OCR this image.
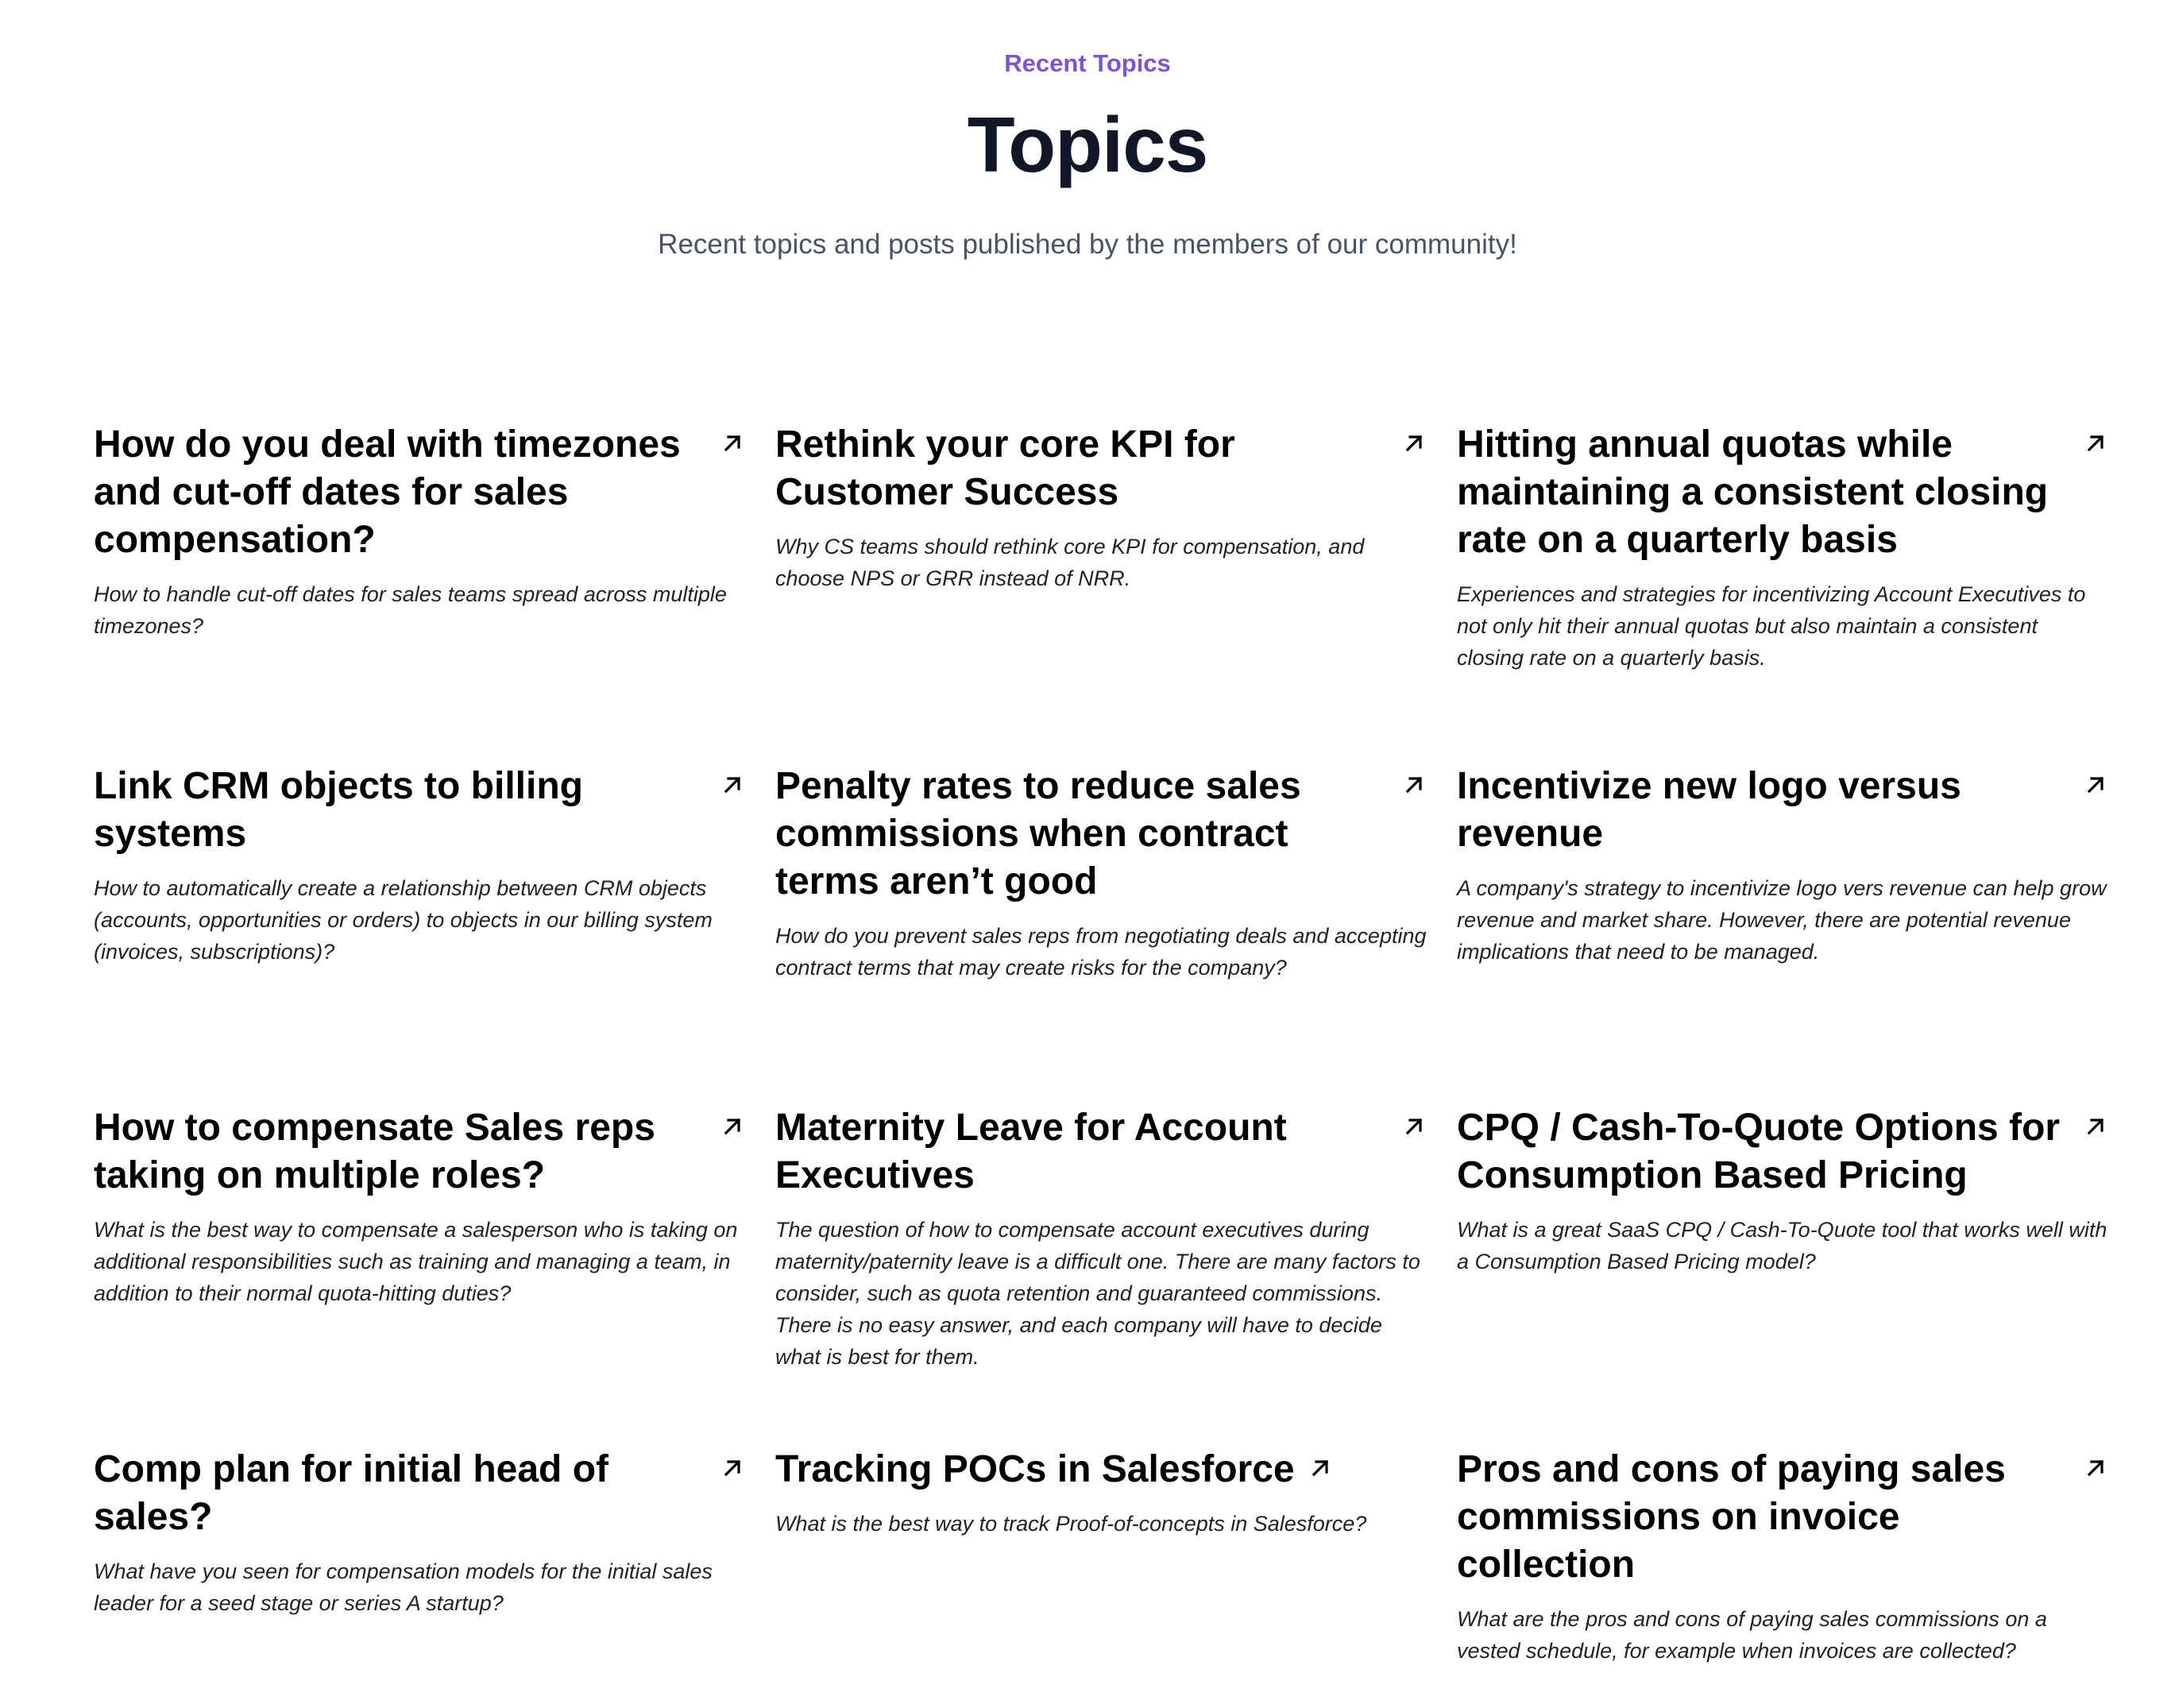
Recent Topics

Topics

Recent topics and posts published by the members of our community!

How do you deal with timezones and cut-off dates for sales compensation?

How to handle cut-off dates for sales teams spread across multiple timezones?

Rethink your core KPI for Customer Success

Why CS teams should rethink core KPI for compensation, and choose NPS or GRR instead of NRR.

Hitting annual quotas while maintaining a consistent closing rate on a quarterly basis

Experiences and strategies for incentivizing Account Executives to not only hit their annual quotas but also maintain a consistent closing rate on a quarterly basis.

Link CRM objects to billing systems

How to automatically create a relationship between CRM objects (accounts, opportunities or orders) to objects in our billing system (invoices, subscriptions)?

Penalty rates to reduce sales commissions when contract terms aren’t good

How do you prevent sales reps from negotiating deals and accepting contract terms that may create risks for the company?

Incentivize new logo versus revenue

A company's strategy to incentivize logo vers revenue can help grow revenue and market share. However, there are potential revenue implications that need to be managed.

How to compensate Sales reps taking on multiple roles?

What is the best way to compensate a salesperson who is taking on additional responsibilities such as training and managing a team, in addition to their normal quota-hitting duties?

Maternity Leave for Account Executives

The question of how to compensate account executives during maternity/paternity leave is a difficult one. There are many factors to consider, such as quota retention and guaranteed commissions. There is no easy answer, and each company will have to decide what is best for them.

CPQ / Cash-To-Quote Options for Consumption Based Pricing

What is a great SaaS CPQ / Cash-To-Quote tool that works well with a Consumption Based Pricing model?

Comp plan for initial head of sales?

What have you seen for compensation models for the initial sales leader for a seed stage or series A startup?

Tracking POCs in Salesforce

What is the best way to track Proof-of-concepts in Salesforce?

Pros and cons of paying sales commissions on invoice collection

What are the pros and cons of paying sales commissions on a vested schedule, for example when invoices are collected?
